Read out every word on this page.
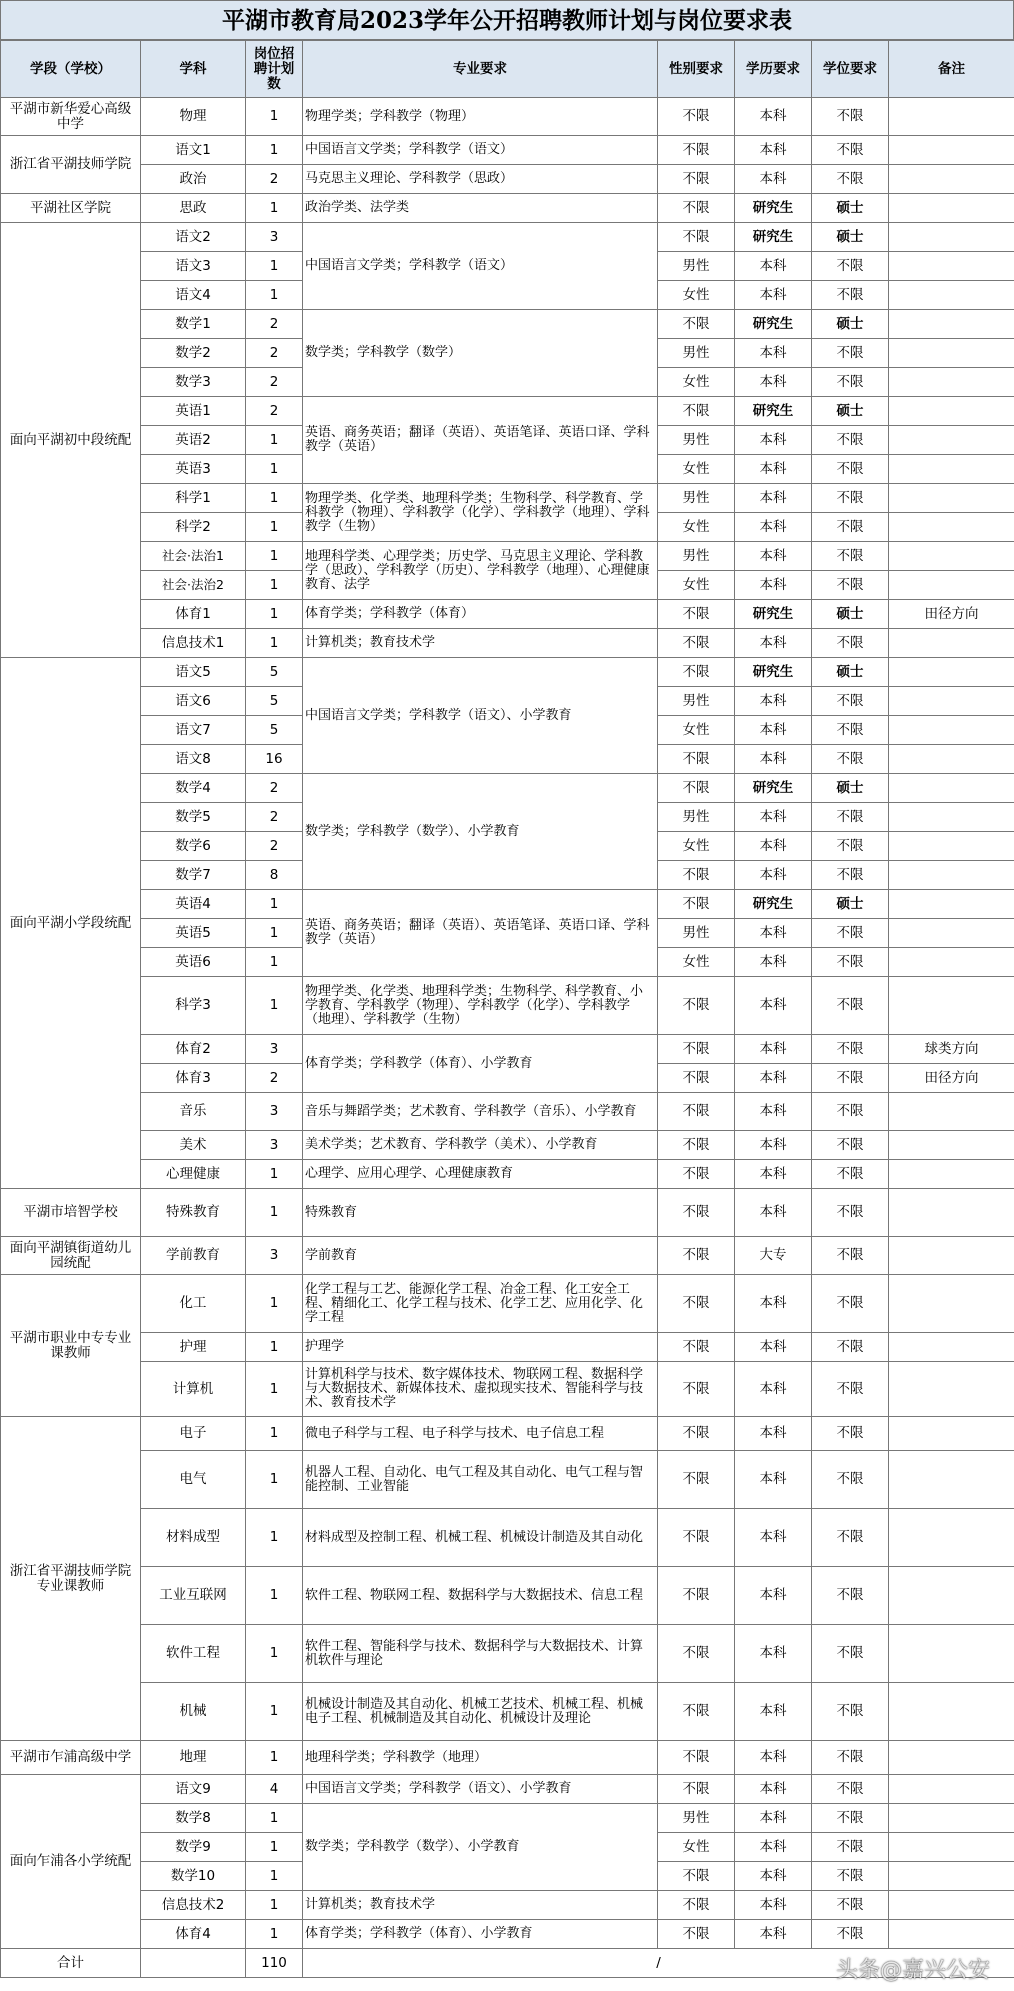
平湖市教育局2023学年公开招聘教师计划与岗位要求表
学段（学校）	学科	岗位招聘计划数	专业要求	性别要求	学历要求	学位要求	备注
平湖市新华爱心高级中学	物理	1	物理学类；学科教学（物理）	不限	本科	不限	
浙江省平湖技师学院	语文1	1	中国语言文学类；学科教学（语文）	不限	本科	不限	
	政治	2	马克思主义理论、学科教学（思政）	不限	本科	不限	
平湖社区学院	思政	1	政治学类、法学类	不限	研究生	硕士	
面向平湖初中段统配	语文2	3	中国语言文学类；学科教学（语文）	不限	研究生	硕士	
	语文3	1		男性	本科	不限	
	语文4	1		女性	本科	不限	
	数学1	2	数学类；学科教学（数学）	不限	研究生	硕士	
	数学2	2		男性	本科	不限	
	数学3	2		女性	本科	不限	
	英语1	2	英语、商务英语；翻译（英语）、英语笔译、英语口译、学科教学（英语）	不限	研究生	硕士	
	英语2	1		男性	本科	不限	
	英语3	1		女性	本科	不限	
	科学1	1	物理学类、化学类、地理科学类；生物科学、科学教育、学科教学（物理）、学科教学（化学）、学科教学（地理）、学科教学（生物）	男性	本科	不限	
	科学2	1		女性	本科	不限	
	社会·法治1	1	地理科学类、心理学类；历史学、马克思主义理论、学科教学（思政）、学科教学（历史）、学科教学（地理）、心理健康教育、法学	男性	本科	不限	
	社会·法治2	1		女性	本科	不限	
	体育1	1	体育学类；学科教学（体育）	不限	研究生	硕士	田径方向
	信息技术1	1	计算机类；教育技术学	不限	本科	不限	
面向平湖小学段统配	语文5	5	中国语言文学类；学科教学（语文）、小学教育	不限	研究生	硕士	
	语文6	5		男性	本科	不限	
	语文7	5		女性	本科	不限	
	语文8	16		不限	本科	不限	
	数学4	2	数学类；学科教学（数学）、小学教育	不限	研究生	硕士	
	数学5	2		男性	本科	不限	
	数学6	2		女性	本科	不限	
	数学7	8		不限	本科	不限	
	英语4	1	英语、商务英语；翻译（英语）、英语笔译、英语口译、学科教学（英语）	不限	研究生	硕士	
	英语5	1		男性	本科	不限	
	英语6	1		女性	本科	不限	
	科学3	1	物理学类、化学类、地理科学类；生物科学、科学教育、小学教育、学科教学（物理）、学科教学（化学）、学科教学（地理）、学科教学（生物）	不限	本科	不限	
	体育2	3	体育学类；学科教学（体育）、小学教育	不限	本科	不限	球类方向
	体育3	2		不限	本科	不限	田径方向
	音乐	3	音乐与舞蹈学类；艺术教育、学科教学（音乐）、小学教育	不限	本科	不限	
	美术	3	美术学类；艺术教育、学科教学（美术）、小学教育	不限	本科	不限	
	心理健康	1	心理学、应用心理学、心理健康教育	不限	本科	不限	
平湖市培智学校	特殊教育	1	特殊教育	不限	本科	不限	
面向平湖镇街道幼儿园统配	学前教育	3	学前教育	不限	大专	不限	
平湖市职业中专专业课教师	化工	1	化学工程与工艺、能源化学工程、冶金工程、化工安全工程、精细化工、化学工程与技术、化学工艺、应用化学、化学工程	不限	本科	不限	
	护理	1	护理学	不限	本科	不限	
	计算机	1	计算机科学与技术、数字媒体技术、物联网工程、数据科学与大数据技术、新媒体技术、虚拟现实技术、智能科学与技术、教育技术学	不限	本科	不限	
浙江省平湖技师学院专业课教师	电子	1	微电子科学与工程、电子科学与技术、电子信息工程	不限	本科	不限	
	电气	1	机器人工程、自动化、电气工程及其自动化、电气工程与智能控制、工业智能	不限	本科	不限	
	材料成型	1	材料成型及控制工程、机械工程、机械设计制造及其自动化	不限	本科	不限	
	工业互联网	1	软件工程、物联网工程、数据科学与大数据技术、信息工程	不限	本科	不限	
	软件工程	1	软件工程、智能科学与技术、数据科学与大数据技术、计算机软件与理论	不限	本科	不限	
	机械	1	机械设计制造及其自动化、机械工艺技术、机械工程、机械电子工程、机械制造及其自动化、机械设计及理论	不限	本科	不限	
平湖市乍浦高级中学	地理	1	地理科学类；学科教学（地理）	不限	本科	不限	
面向乍浦各小学统配	语文9	4	中国语言文学类；学科教学（语文）、小学教育	不限	本科	不限	
	数学8	1	数学类；学科教学（数学）、小学教育	男性	本科	不限	
	数学9	1		女性	本科	不限	
	数学10	1		不限	本科	不限	
	信息技术2	1	计算机类；教育技术学	不限	本科	不限	
	体育4	1	体育学类；学科教学（体育）、小学教育	不限	本科	不限	
合计		110	/					头条@嘉兴公安
